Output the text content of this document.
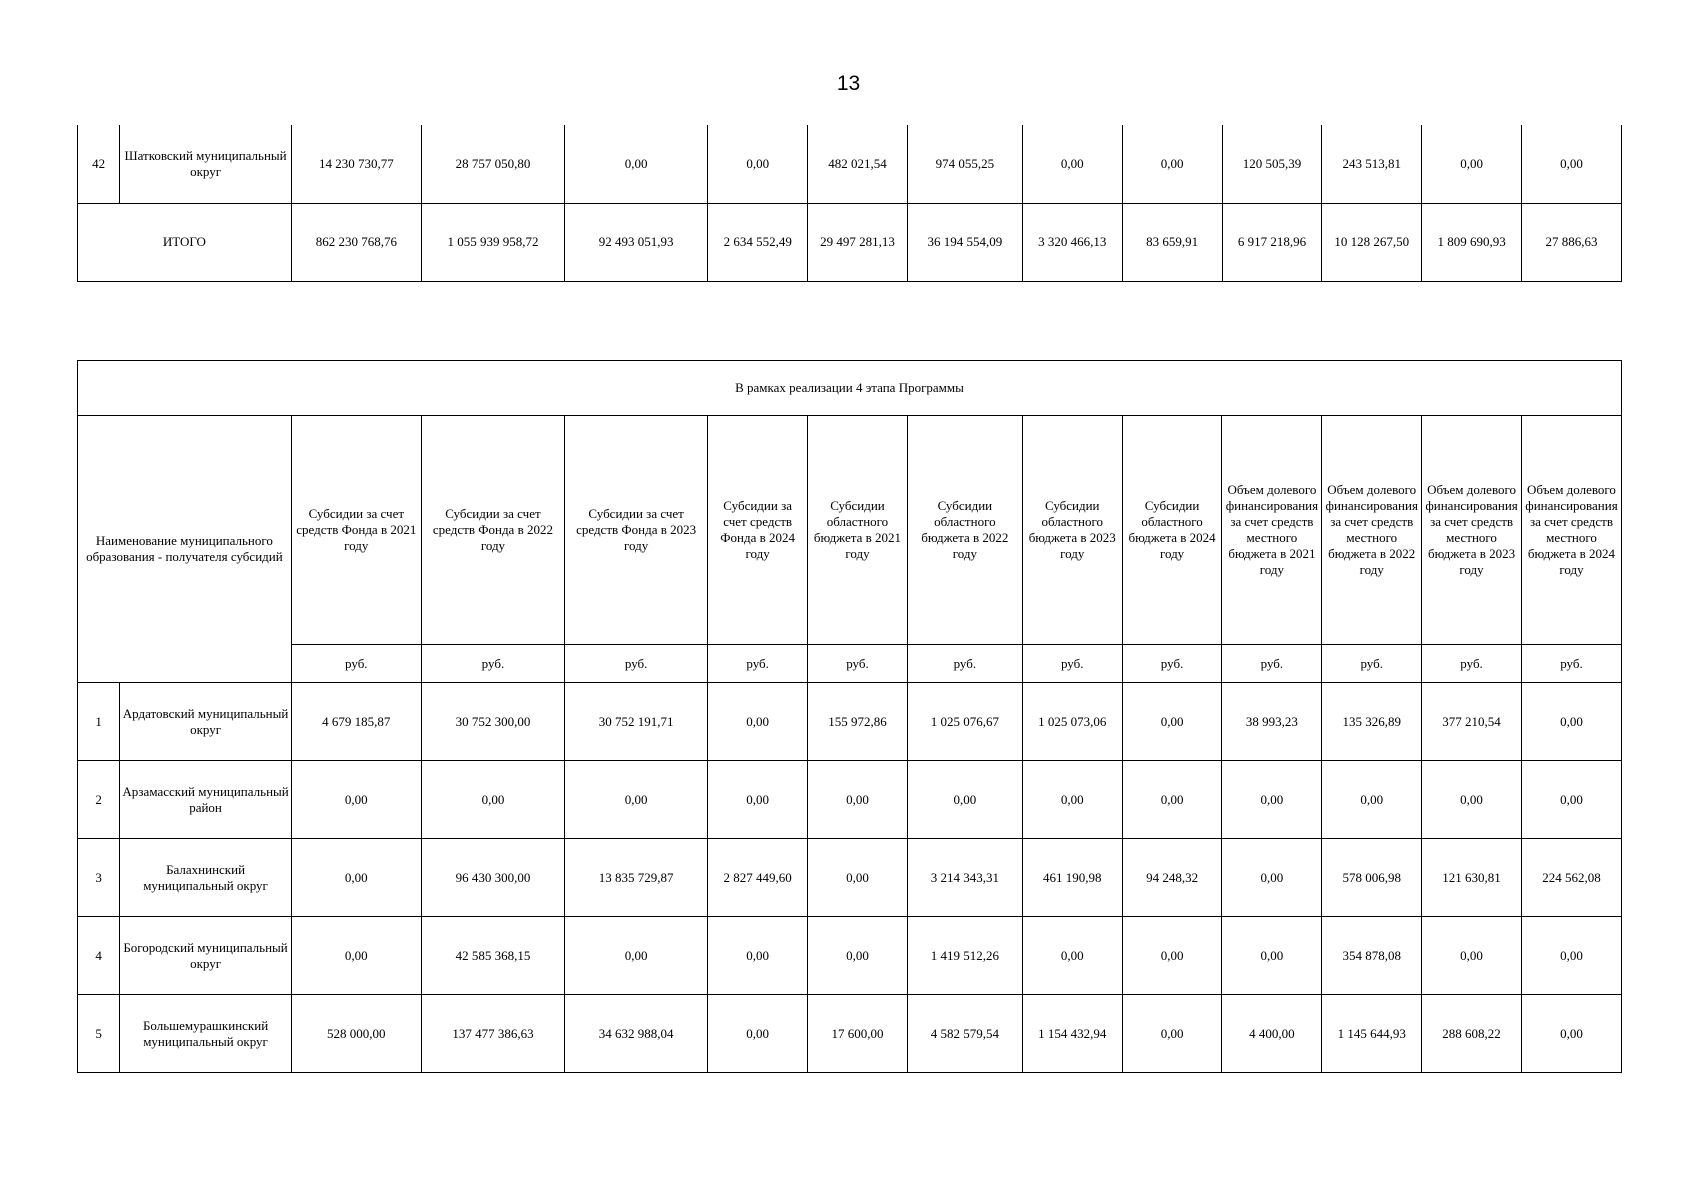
13
42	Шатковский муниципальный округ	14 230 730,77	28 757 050,80	0,00	0,00	482 021,54	974 055,25	0,00	0,00	120 505,39	243 513,81	0,00	0,00
ИТОГО		862 230 768,76	1 055 939 958,72	92 493 051,93	2 634 552,49	29 497 281,13	36 194 554,09	3 320 466,13	83 659,91	6 917 218,96	10 128 267,50	1 809 690,93	27 886,63
В рамках реализации 4 этапа Программы													
Наименование муниципального образования - получателя субсидий		Субсидии за счет средств Фонда в 2021 году	Субсидии за счет средств Фонда в 2022 году	Субсидии за счет средств Фонда в 2023 году	Субсидии за счет средств Фонда в 2024 году	Субсидии областного бюджета в 2021 году	Субсидии областного бюджета в 2022 году	Субсидии областного бюджета в 2023 году	Субсидии областного бюджета в 2024 году	Объем долевого финансирования за счет средств местного бюджета в 2021 году	Объем долевого финансирования за счет средств местного бюджета в 2022 году	Объем долевого финансирования за счет средств местного бюджета в 2023 году	Объем долевого финансирования за счет средств местного бюджета в 2024 году
		руб.	руб.	руб.	руб.	руб.	руб.	руб.	руб.	руб.	руб.	руб.	руб.
1	Ардатовский муниципальный округ	4 679 185,87	30 752 300,00	30 752 191,71	0,00	155 972,86	1 025 076,67	1 025 073,06	0,00	38 993,23	135 326,89	377 210,54	0,00
2	Арзамасский муниципальный район	0,00	0,00	0,00	0,00	0,00	0,00	0,00	0,00	0,00	0,00	0,00	0,00
3	Балахнинский муниципальный округ	0,00	96 430 300,00	13 835 729,87	2 827 449,60	0,00	3 214 343,31	461 190,98	94 248,32	0,00	578 006,98	121 630,81	224 562,08
4	Богородский муниципальный округ	0,00	42 585 368,15	0,00	0,00	0,00	1 419 512,26	0,00	0,00	0,00	354 878,08	0,00	0,00
5	Большемурашкинский муниципальный округ	528 000,00	137 477 386,63	34 632 988,04	0,00	17 600,00	4 582 579,54	1 154 432,94	0,00	4 400,00	1 145 644,93	288 608,22	0,00
